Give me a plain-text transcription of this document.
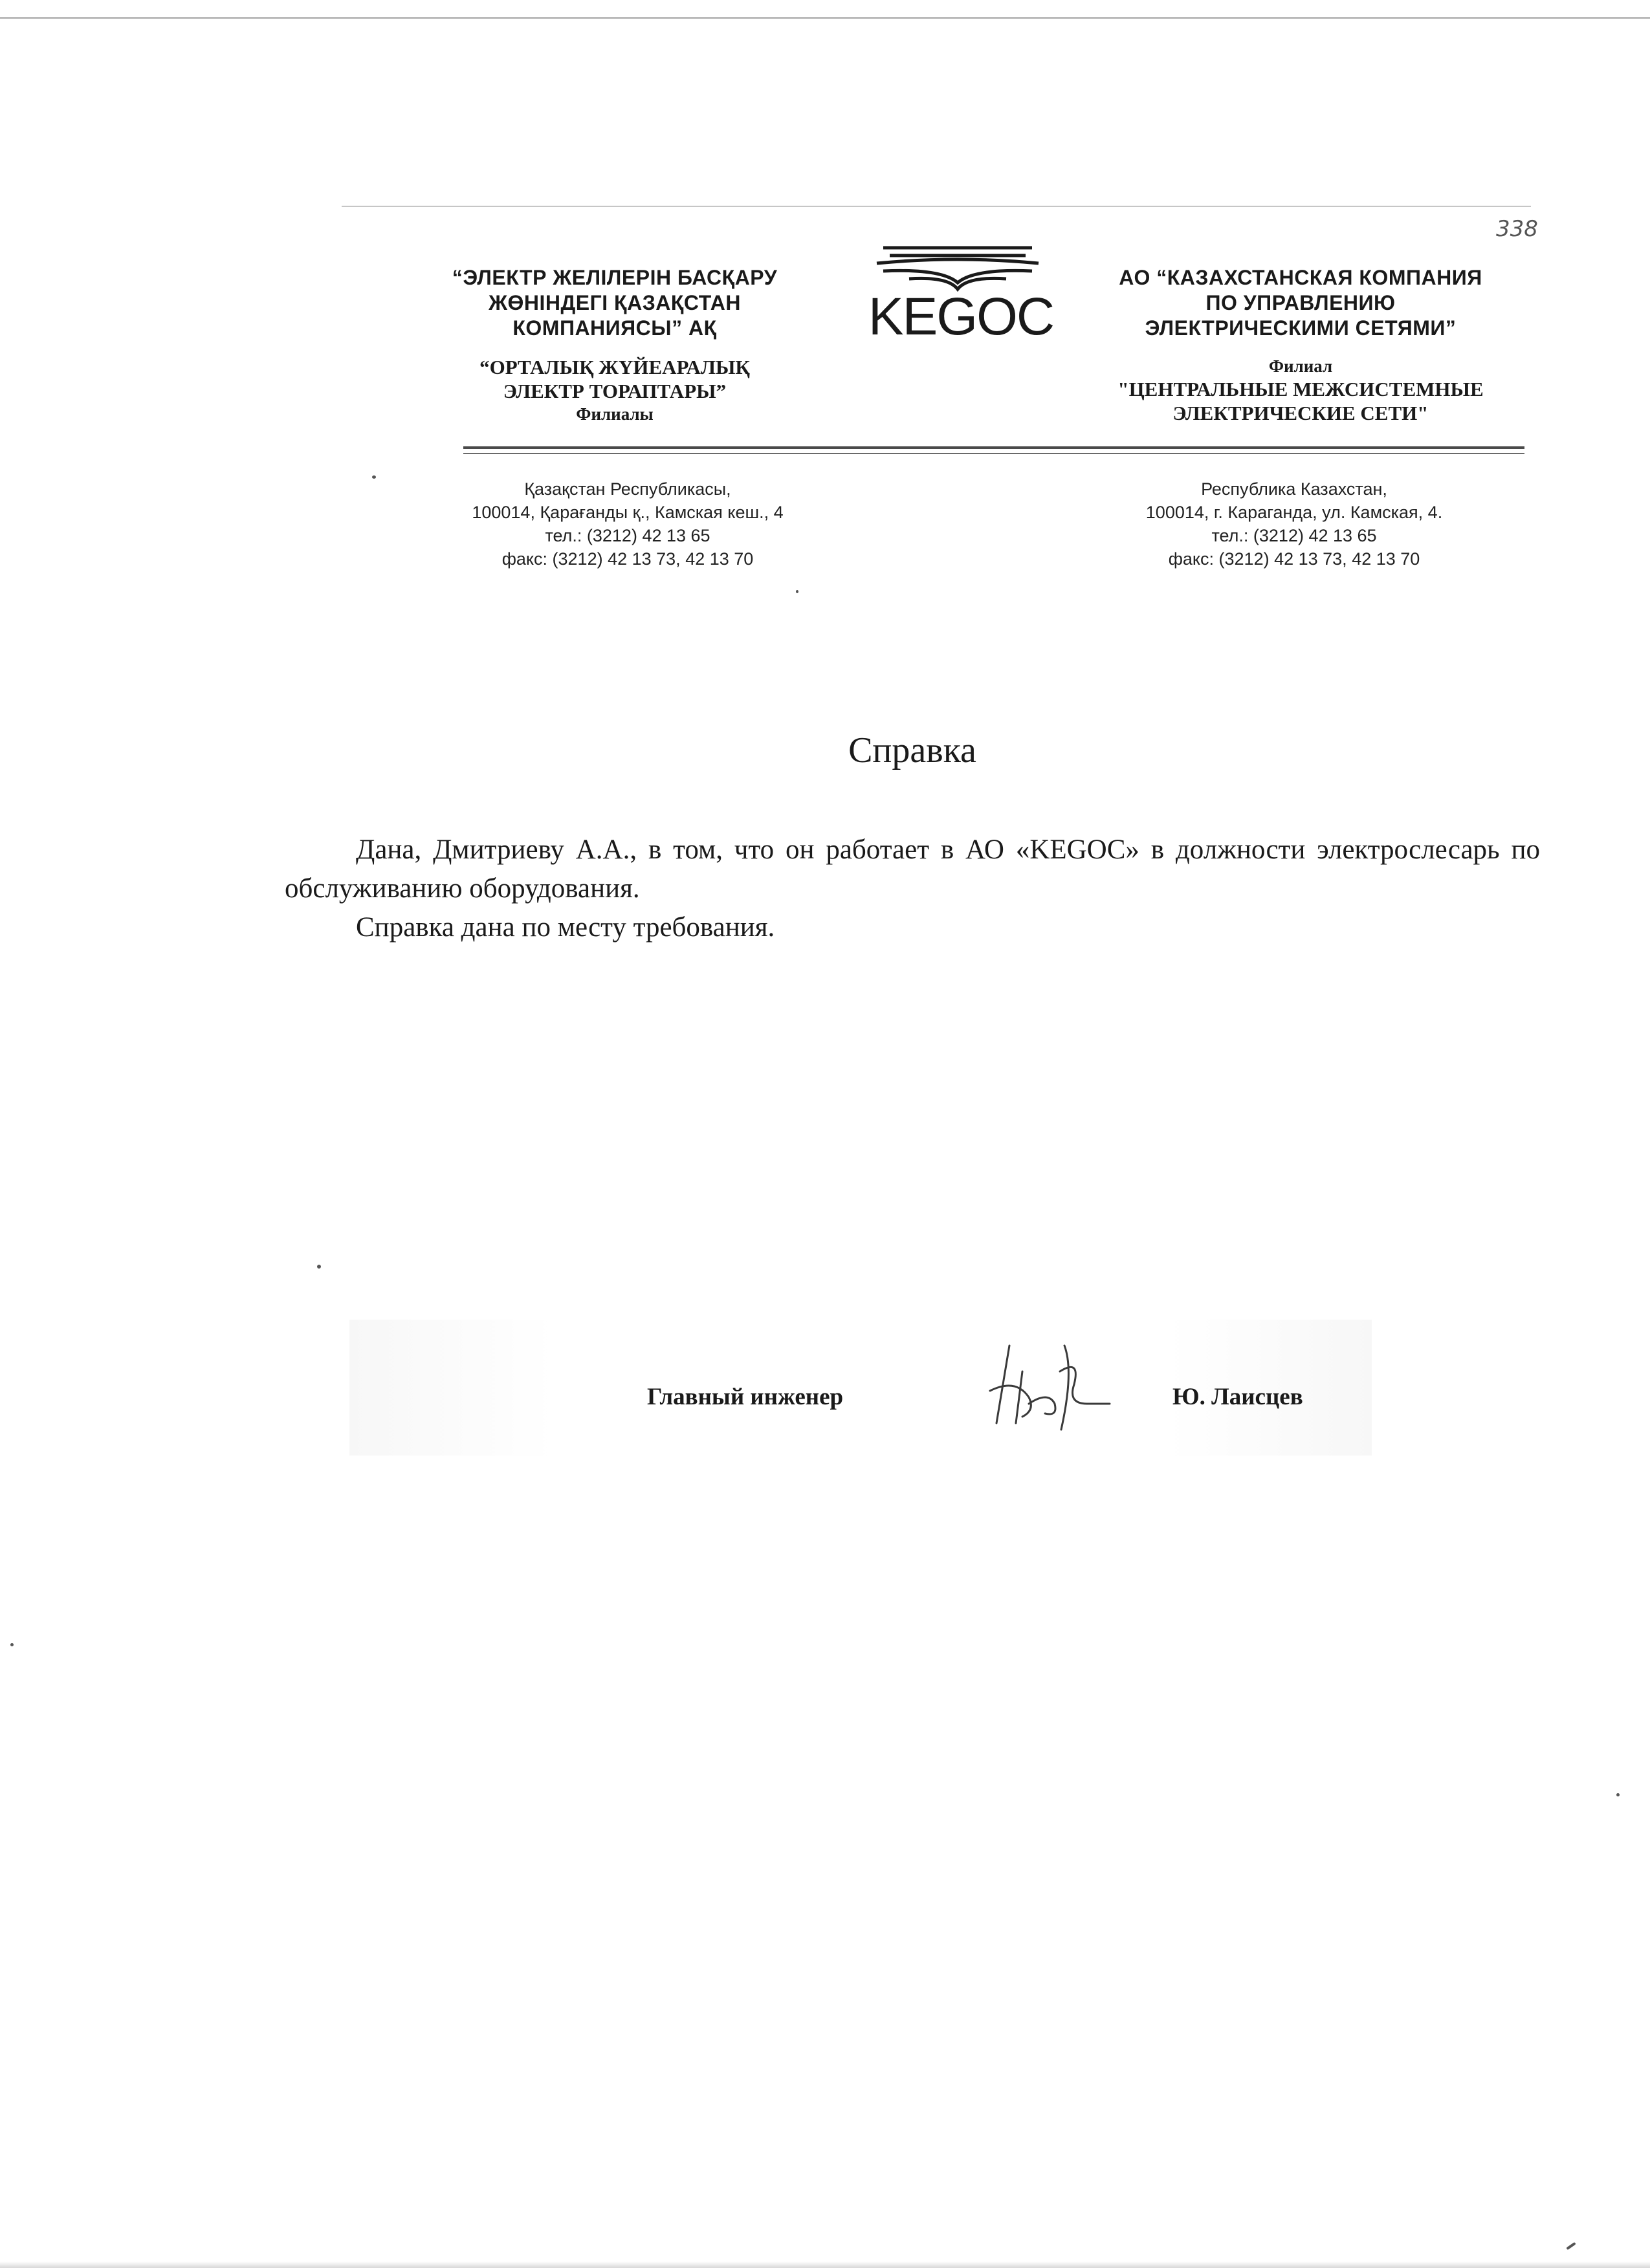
338

“ЭЛЕКТР ЖЕЛІЛЕРІН БАСҚАРУ

ЖӨНІНДЕГІ ҚАЗАҚСТАН

КОМПАНИЯСЫ” АҚ

“ОРТАЛЫҚ ЖҮЙЕАРАЛЫҚ

ЭЛЕКТР ТОРАПТАРЫ”

Филиалы

KEGOC

АО “КАЗАХСТАНСКАЯ КОМПАНИЯ

ПО УПРАВЛЕНИЮ

ЭЛЕКТРИЧЕСКИМИ СЕТЯМИ”

Филиал

"ЦЕНТРАЛЬНЫЕ МЕЖСИСТЕМНЫЕ

ЭЛЕКТРИЧЕСКИЕ СЕТИ"

Қазақстан Республикасы,

100014, Қарағанды қ., Камская кеш., 4

тел.: (3212) 42 13 65

факс: (3212) 42 13 73, 42 13 70

Республика Казахстан,

100014, г. Караганда, ул. Камская, 4.

тел.: (3212) 42 13 65

факс: (3212) 42 13 73, 42 13 70

Справка

Дана, Дмитриеву А.А., в том, что он работает в АО «KEGOC» в должности электрослесарь по обслуживанию оборудования.

Справка дана по месту требования.

Главный инженер	Ю. Лаисцев
